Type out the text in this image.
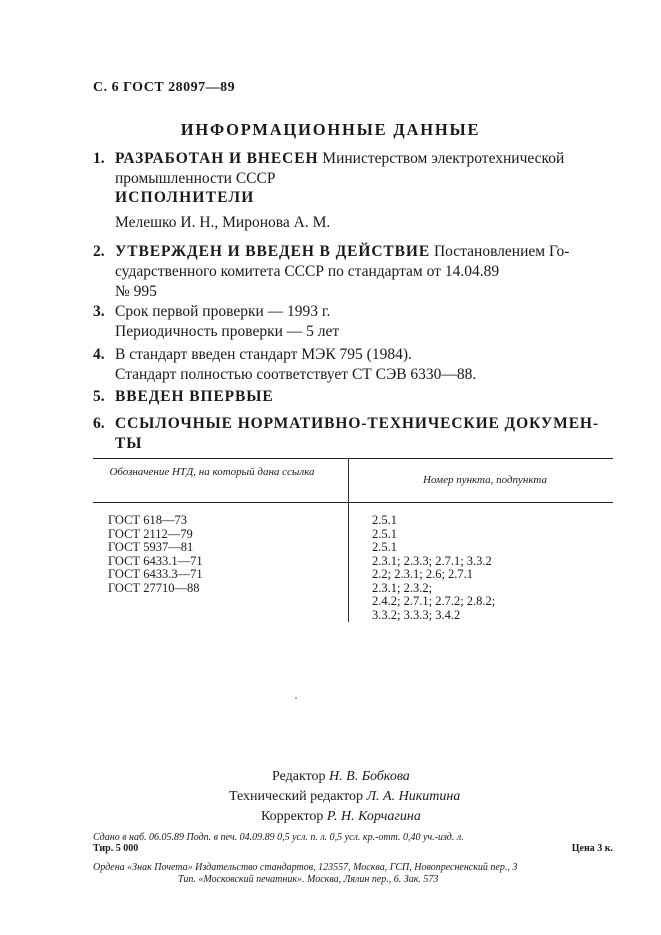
С. 6 ГОСТ 28097—89
ИНФОРМАЦИОННЫЕ ДАННЫЕ
1. РАЗРАБОТАН И ВНЕСЕН Министерством электротехнической
промышленности СССР
ИСПОЛНИТЕЛИ
Мелешко И. Н., Миронова А. М.
2. УТВЕРЖДЕН И ВВЕДЕН В ДЕЙСТВИЕ Постановлением Го-
сударственного комитета СССР по стандартам от 14.04.89
№ 995
3. Срок первой проверки — 1993 г.
Периодичность проверки — 5 лет
4. В стандарт введен стандарт МЭК 795 (1984).
Стандарт полностью соответствует СТ СЭВ 6330—88.
5. ВВЕДЕН ВПЕРВЫЕ
6. ССЫЛОЧНЫЕ НОРМАТИВНО-ТЕХНИЧЕСКИЕ ДОКУМЕН-
ТЫ
Обозначение НТД, на который дана ссылка
Номер пункта, подпункта
ГОСТ 618—73
ГОСТ 2112—79
ГОСТ 5937—81
ГОСТ 6433.1—71
ГОСТ 6433.3—71
ГОСТ 27710—88
2.5.1
2.5.1
2.5.1
2.3.1; 2.3.3; 2.7.1; 3.3.2
2.2; 2.3.1; 2.6; 2.7.1
2.3.1; 2.3.2;
2.4.2; 2.7.1; 2.7.2; 2.8.2;
3.3.2; 3.3.3; 3.4.2
Редактор Н. В. Бобкова
Технический редактор Л. А. Никитина
Корректор Р. Н. Корчагина
Сдано в наб. 06.05.89 Подп. в печ. 04.09.89 0,5 усл. п. л. 0,5 усл. кр.-отт. 0,40 уч.-изд. л.
Тир. 5 000	Цена 3 к.
Ордена «Знак Почета» Издательство стандартов, 123557, Москва, ГСП, Новопресненский пер., 3
Тип. «Московский печатник». Москва, Лялин пер., 6. Зак. 573
